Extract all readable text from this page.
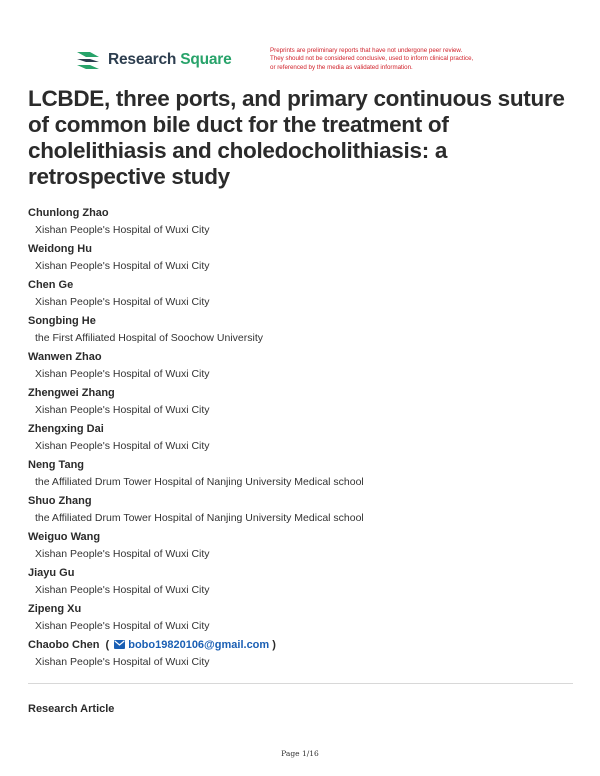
Research Square
Preprints are preliminary reports that have not undergone peer review.
They should not be considered conclusive, used to inform clinical practice,
or referenced by the media as validated information.
LCBDE, three ports, and primary continuous suture of common bile duct for the treatment of cholelithiasis and choledocholithiasis: a retrospective study
Chunlong Zhao
Xishan People's Hospital of Wuxi City
Weidong Hu
Xishan People's Hospital of Wuxi City
Chen Ge
Xishan People's Hospital of Wuxi City
Songbing He
the First Affiliated Hospital of Soochow University
Wanwen Zhao
Xishan People's Hospital of Wuxi City
Zhengwei Zhang
Xishan People's Hospital of Wuxi City
Zhengxing Dai
Xishan People's Hospital of Wuxi City
Neng Tang
the Affiliated Drum Tower Hospital of Nanjing University Medical school
Shuo Zhang
the Affiliated Drum Tower Hospital of Nanjing University Medical school
Weiguo Wang
Xishan People's Hospital of Wuxi City
Jiayu Gu
Xishan People's Hospital of Wuxi City
Zipeng Xu
Xishan People's Hospital of Wuxi City
Chaobo Chen ( bobo19820106@gmail.com )
Xishan People's Hospital of Wuxi City
Research Article
Page 1/16
